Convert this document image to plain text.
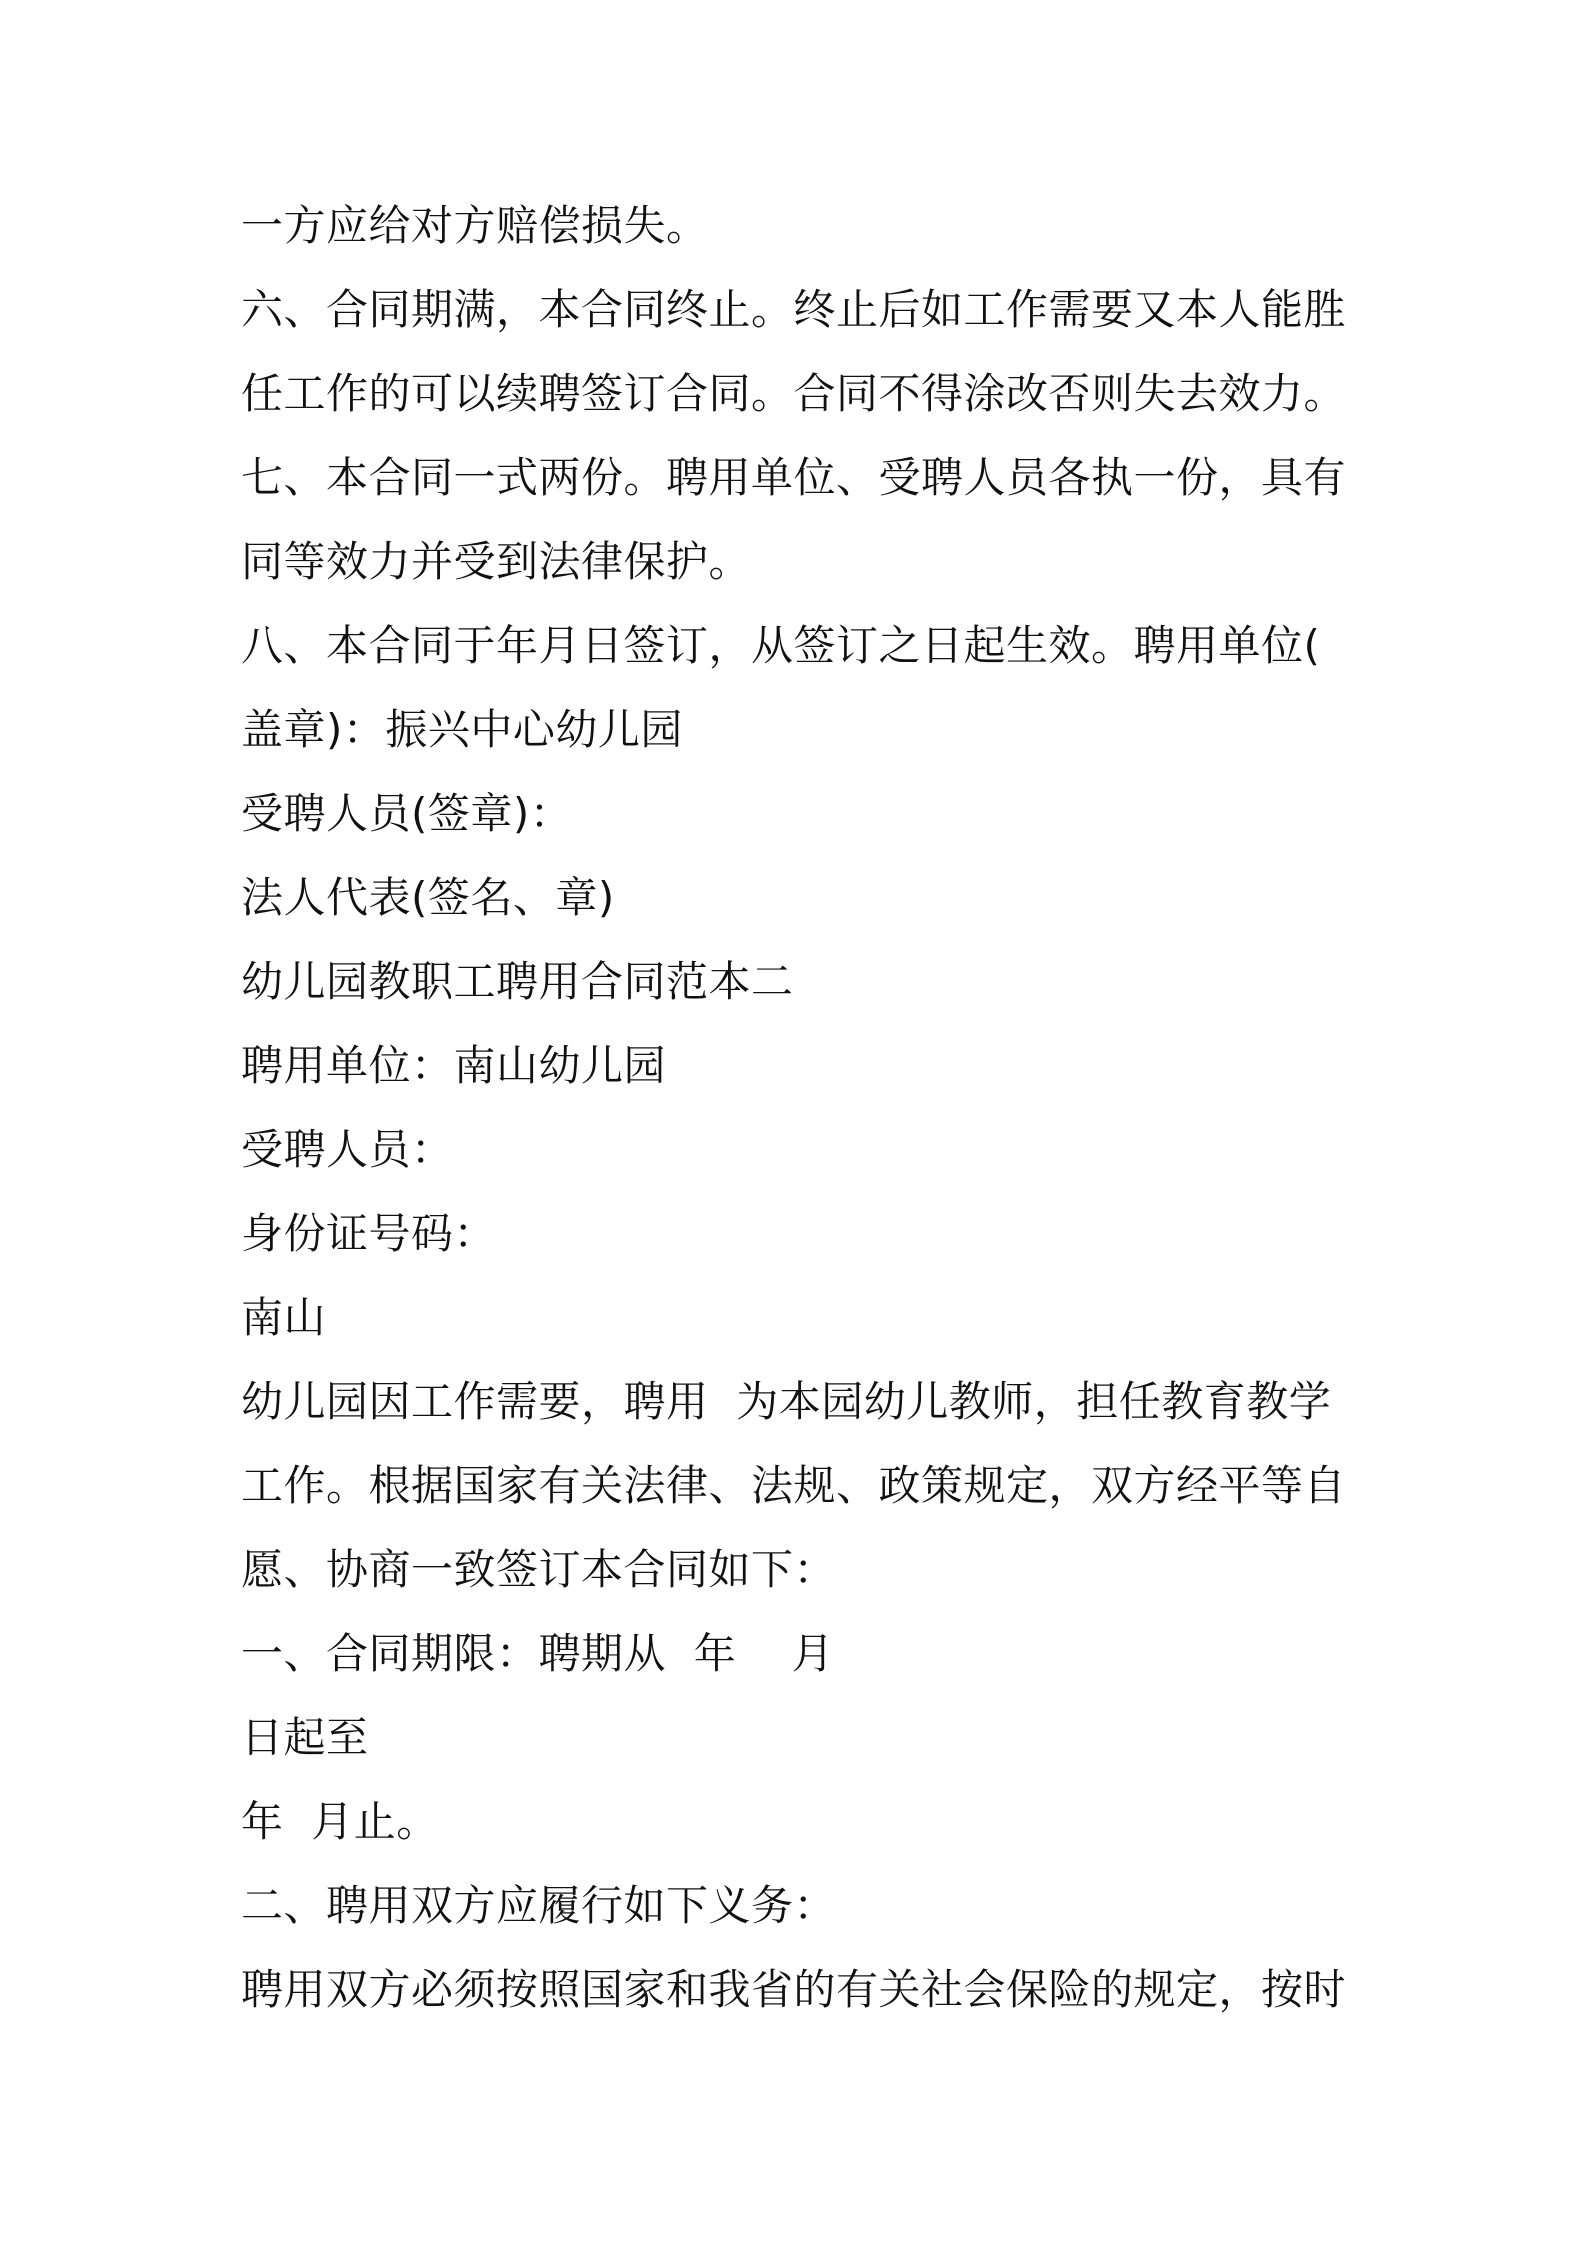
一方应给对方赔偿损失。
六、合同期满，本合同终止。终止后如工作需要又本人能胜
任工作的可以续聘签订合同。合同不得涂改否则失去效力。
七、本合同一式两份。聘用单位、受聘人员各执一份，具有
同等效力并受到法律保护。
八、本合同于年月日签订，从签订之日起生效。聘用单位(
盖章)：振兴中心幼儿园
受聘人员(签章)：
法人代表(签名、章)
幼儿园教职工聘用合同范本二
聘用单位：南山幼儿园
受聘人员：
身份证号码：
南山
幼儿园因工作需要，聘用  为本园幼儿教师，担任教育教学
工作。根据国家有关法律、法规、政策规定，双方经平等自
愿、协商一致签订本合同如下：
一、合同期限：聘期从  年    月
日起至
年  月止。
二、聘用双方应履行如下义务：
聘用双方必须按照国家和我省的有关社会保险的规定，按时
